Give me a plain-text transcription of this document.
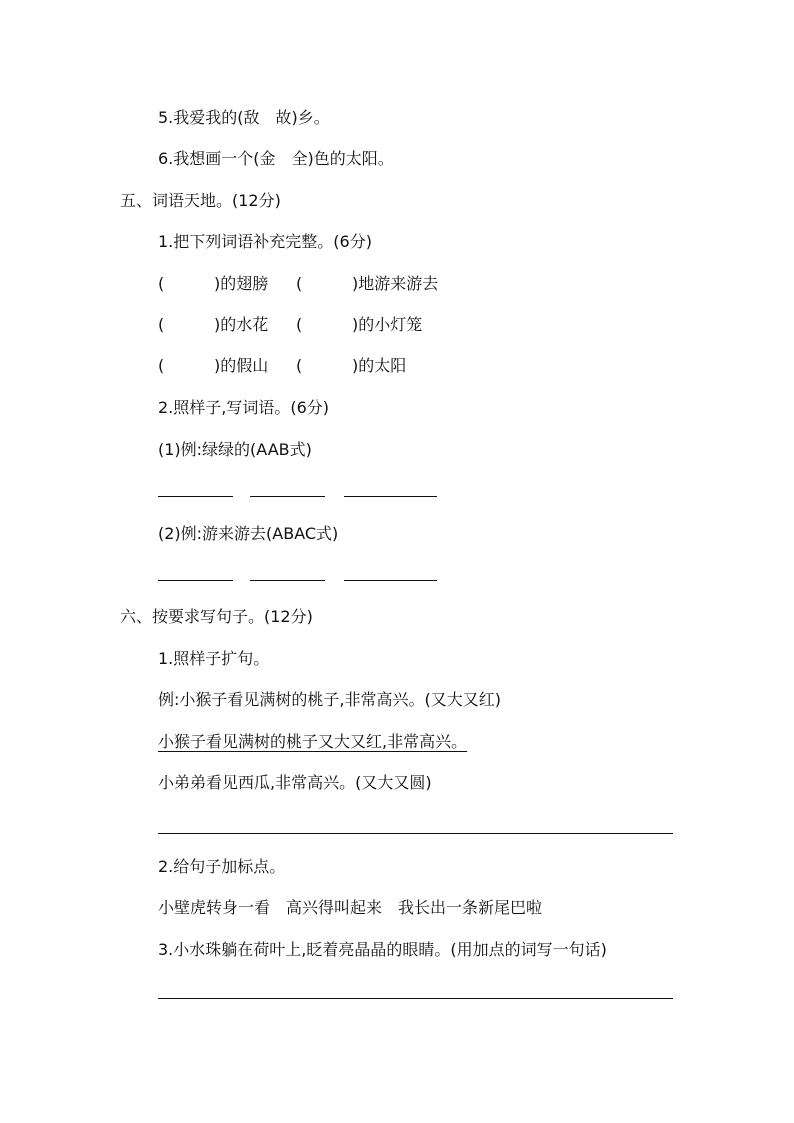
5.我爱我的(敌　故)乡。
6.我想画一个(金　全)色的太阳。
五、词语天地。(12分)
1.把下列词语补充完整。(6分)
(	)的翅膀 (	)地游来游去
(	)的水花 (	)的小灯笼
(	)的假山 (	)的太阳
2.照样子,写词语。(6分)
(1)例:绿绿的(AAB式)
(2)例:游来游去(ABAC式)
六、按要求写句子。(12分)
1.照样子扩句。
例:小猴子看见满树的桃子,非常高兴。(又大又红)
小猴子看见满树的桃子又大又红,非常高兴。
小弟弟看见西瓜,非常高兴。(又大又圆)
2.给句子加标点。
小壁虎转身一看　高兴得叫起来　我长出一条新尾巴啦
3.小水珠躺在荷叶上,眨着亮晶晶的眼睛。(用加点的词写一句话)
